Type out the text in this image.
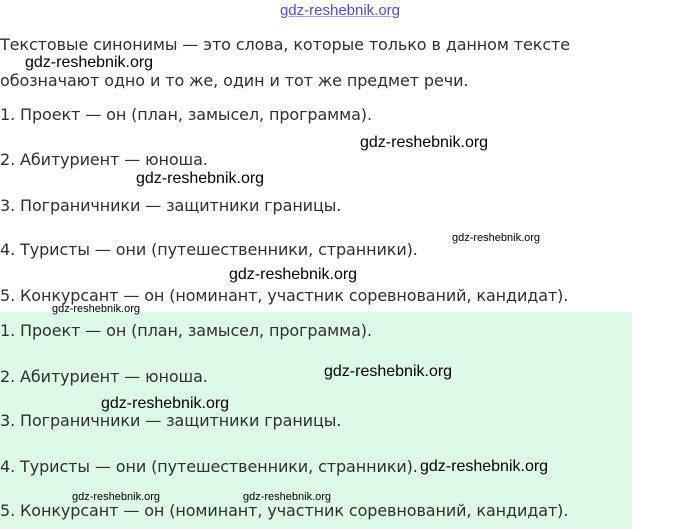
gdz-reshebnik.org
Текстовые синонимы — это слова, которые только в данном тексте
обозначают одно и то же, один и тот же предмет речи.
1. Проект — он (план, замысел, программа).
2. Абитуриент — юноша.
3. Пограничники — защитники границы.
4. Туристы — они (путешественники, странники).
5. Конкурсант — он (номинант, участник соревнований, кандидат).
1. Проект — он (план, замысел, программа).
2. Абитуриент — юноша.
3. Пограничники — защитники границы.
4. Туристы — они (путешественники, странники).
5. Конкурсант — он (номинант, участник соревнований, кандидат).
gdz-reshebnik.org
gdz-reshebnik.org
gdz-reshebnik.org
gdz-reshebnik.org
gdz-reshebnik.org
gdz-reshebnik.org
gdz-reshebnik.org
gdz-reshebnik.org
gdz-reshebnik.org
gdz-reshebnik.org	gdz-reshebnik.org
